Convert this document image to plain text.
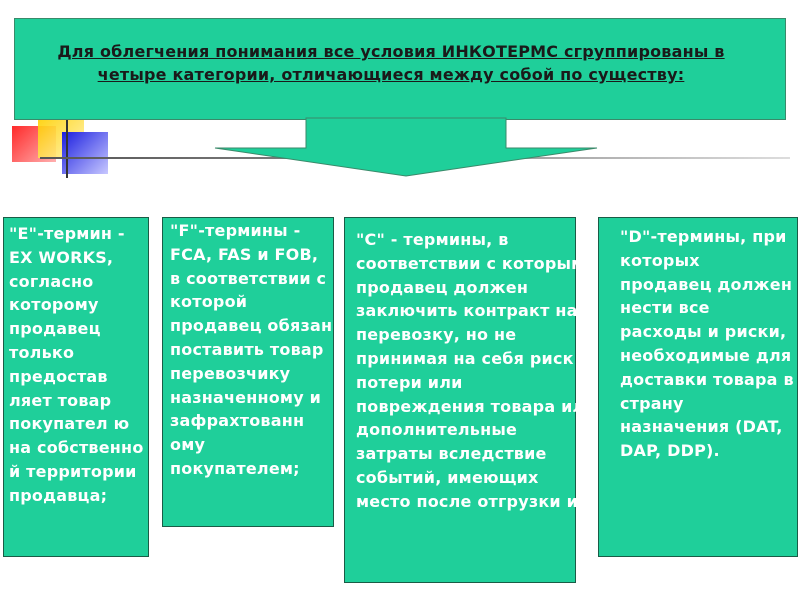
Для облегчения понимания все условия ИНКОТЕРМС сгруппированы в четыре категории, отличающиеся между собой по существу:
"E"-термин - EX WORKS, согласно которому продавец только предостав ляет товар покупател ю на собственно й территории продавца;
"F"-термины - FCA, FAS и FOB, в соответствии с которой продавец обязан поставить товар перевозчику назначенному и зафрахтованн ому покупателем;
"С" - термины, в соответствии с которыми продавец должен заключить контракт на перевозку, но не принимая на себя риск потери или повреждения товара или дополнительные затраты вследствие событий, имеющих место после отгрузки и
"D"-термины, при которых продавец должен нести все расходы и риски, необходимые для доставки товара в страну назначения (DAT, DAP, DDP).
